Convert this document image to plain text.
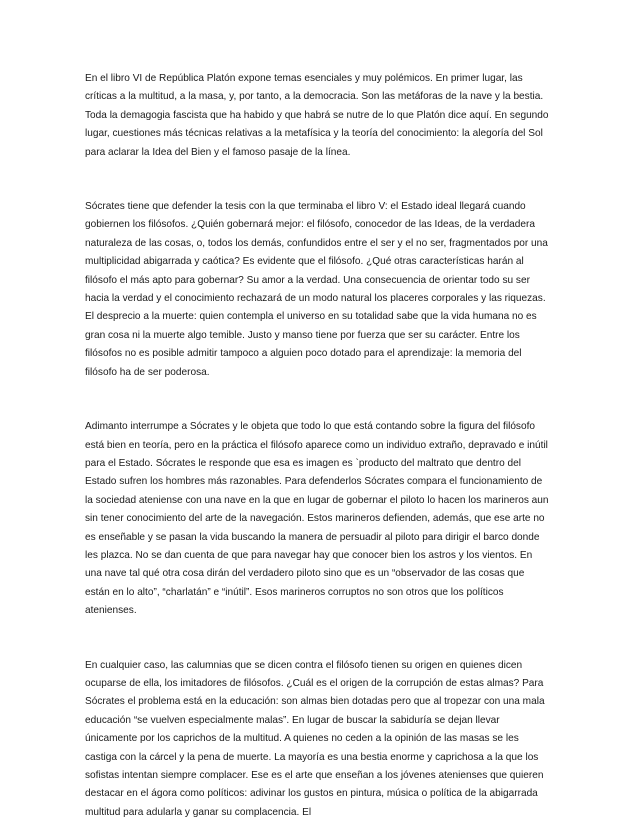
En el libro VI de República Platón expone temas esenciales y muy polémicos. En primer lugar, las críticas a la multitud, a la masa, y, por tanto, a la democracia. Son las metáforas de la nave y la bestia. Toda la demagogia fascista que ha habido y que habrá se nutre de lo que Platón dice aquí. En segundo lugar, cuestiones más técnicas relativas a la metafísica y la teoría del conocimiento: la alegoría del Sol para aclarar la Idea del Bien y el famoso pasaje de la línea.

Sócrates tiene que defender la tesis con la que terminaba el libro V: el Estado ideal llegará cuando gobiernen los filósofos. ¿Quién gobernará mejor: el filósofo, conocedor de las Ideas, de la verdadera naturaleza de las cosas, o, todos los demás, confundidos entre el ser y el no ser, fragmentados por una multiplicidad abigarrada y caótica? Es evidente que el filósofo. ¿Qué otras características harán al filósofo el más apto para gobernar? Su amor a la verdad. Una consecuencia de orientar todo su ser hacia la verdad y el conocimiento rechazará de un modo natural los placeres corporales y las riquezas. El desprecio a la muerte: quien contempla el universo en su totalidad sabe que la vida humana no es gran cosa ni la muerte algo temible. Justo y manso tiene por fuerza que ser su carácter. Entre los filósofos no es posible admitir tampoco a alguien poco dotado para el aprendizaje: la memoria del filósofo ha de ser poderosa.

Adimanto interrumpe a Sócrates y le objeta que todo lo que está contando sobre la figura del filósofo está bien en teoría, pero en la práctica el filósofo aparece como un individuo extraño, depravado e inútil para el Estado. Sócrates le responde que esa es imagen es `producto del maltrato que dentro del Estado sufren los hombres más razonables. Para defenderlos Sócrates compara el funcionamiento de la sociedad ateniense con una nave en la que en lugar de gobernar el piloto lo hacen los marineros aun sin tener conocimiento del arte de la navegación. Estos marineros defienden, además, que ese arte no es enseñable y se pasan la vida buscando la manera de persuadir al piloto para dirigir el barco donde les plazca. No se dan cuenta de que para navegar hay que conocer bien los astros y los vientos. En una nave tal qué otra cosa dirán del verdadero piloto sino que es un “observador de las cosas que están en lo alto”, “charlatán” e “inútil”. Esos marineros corruptos no son otros que los políticos atenienses.

En cualquier caso, las calumnias que se dicen contra el filósofo tienen su origen en quienes dicen ocuparse de ella, los imitadores de filósofos. ¿Cuál es el origen de la corrupción de estas almas? Para Sócrates el problema está en la educación: son almas bien dotadas pero que al tropezar con una mala educación “se vuelven especialmente malas”. En lugar de buscar la sabiduría se dejan llevar únicamente por los caprichos de la multitud. A quienes no ceden a la opinión de las masas se les castiga con la cárcel y la pena de muerte. La mayoría es una bestia enorme y caprichosa a la que los sofistas intentan siempre complacer. Ese es el arte que enseñan a los jóvenes atenienses que quieren destacar en el ágora como políticos: adivinar los gustos en pintura, música o política de la abigarrada multitud para adularla y ganar su complacencia. El
